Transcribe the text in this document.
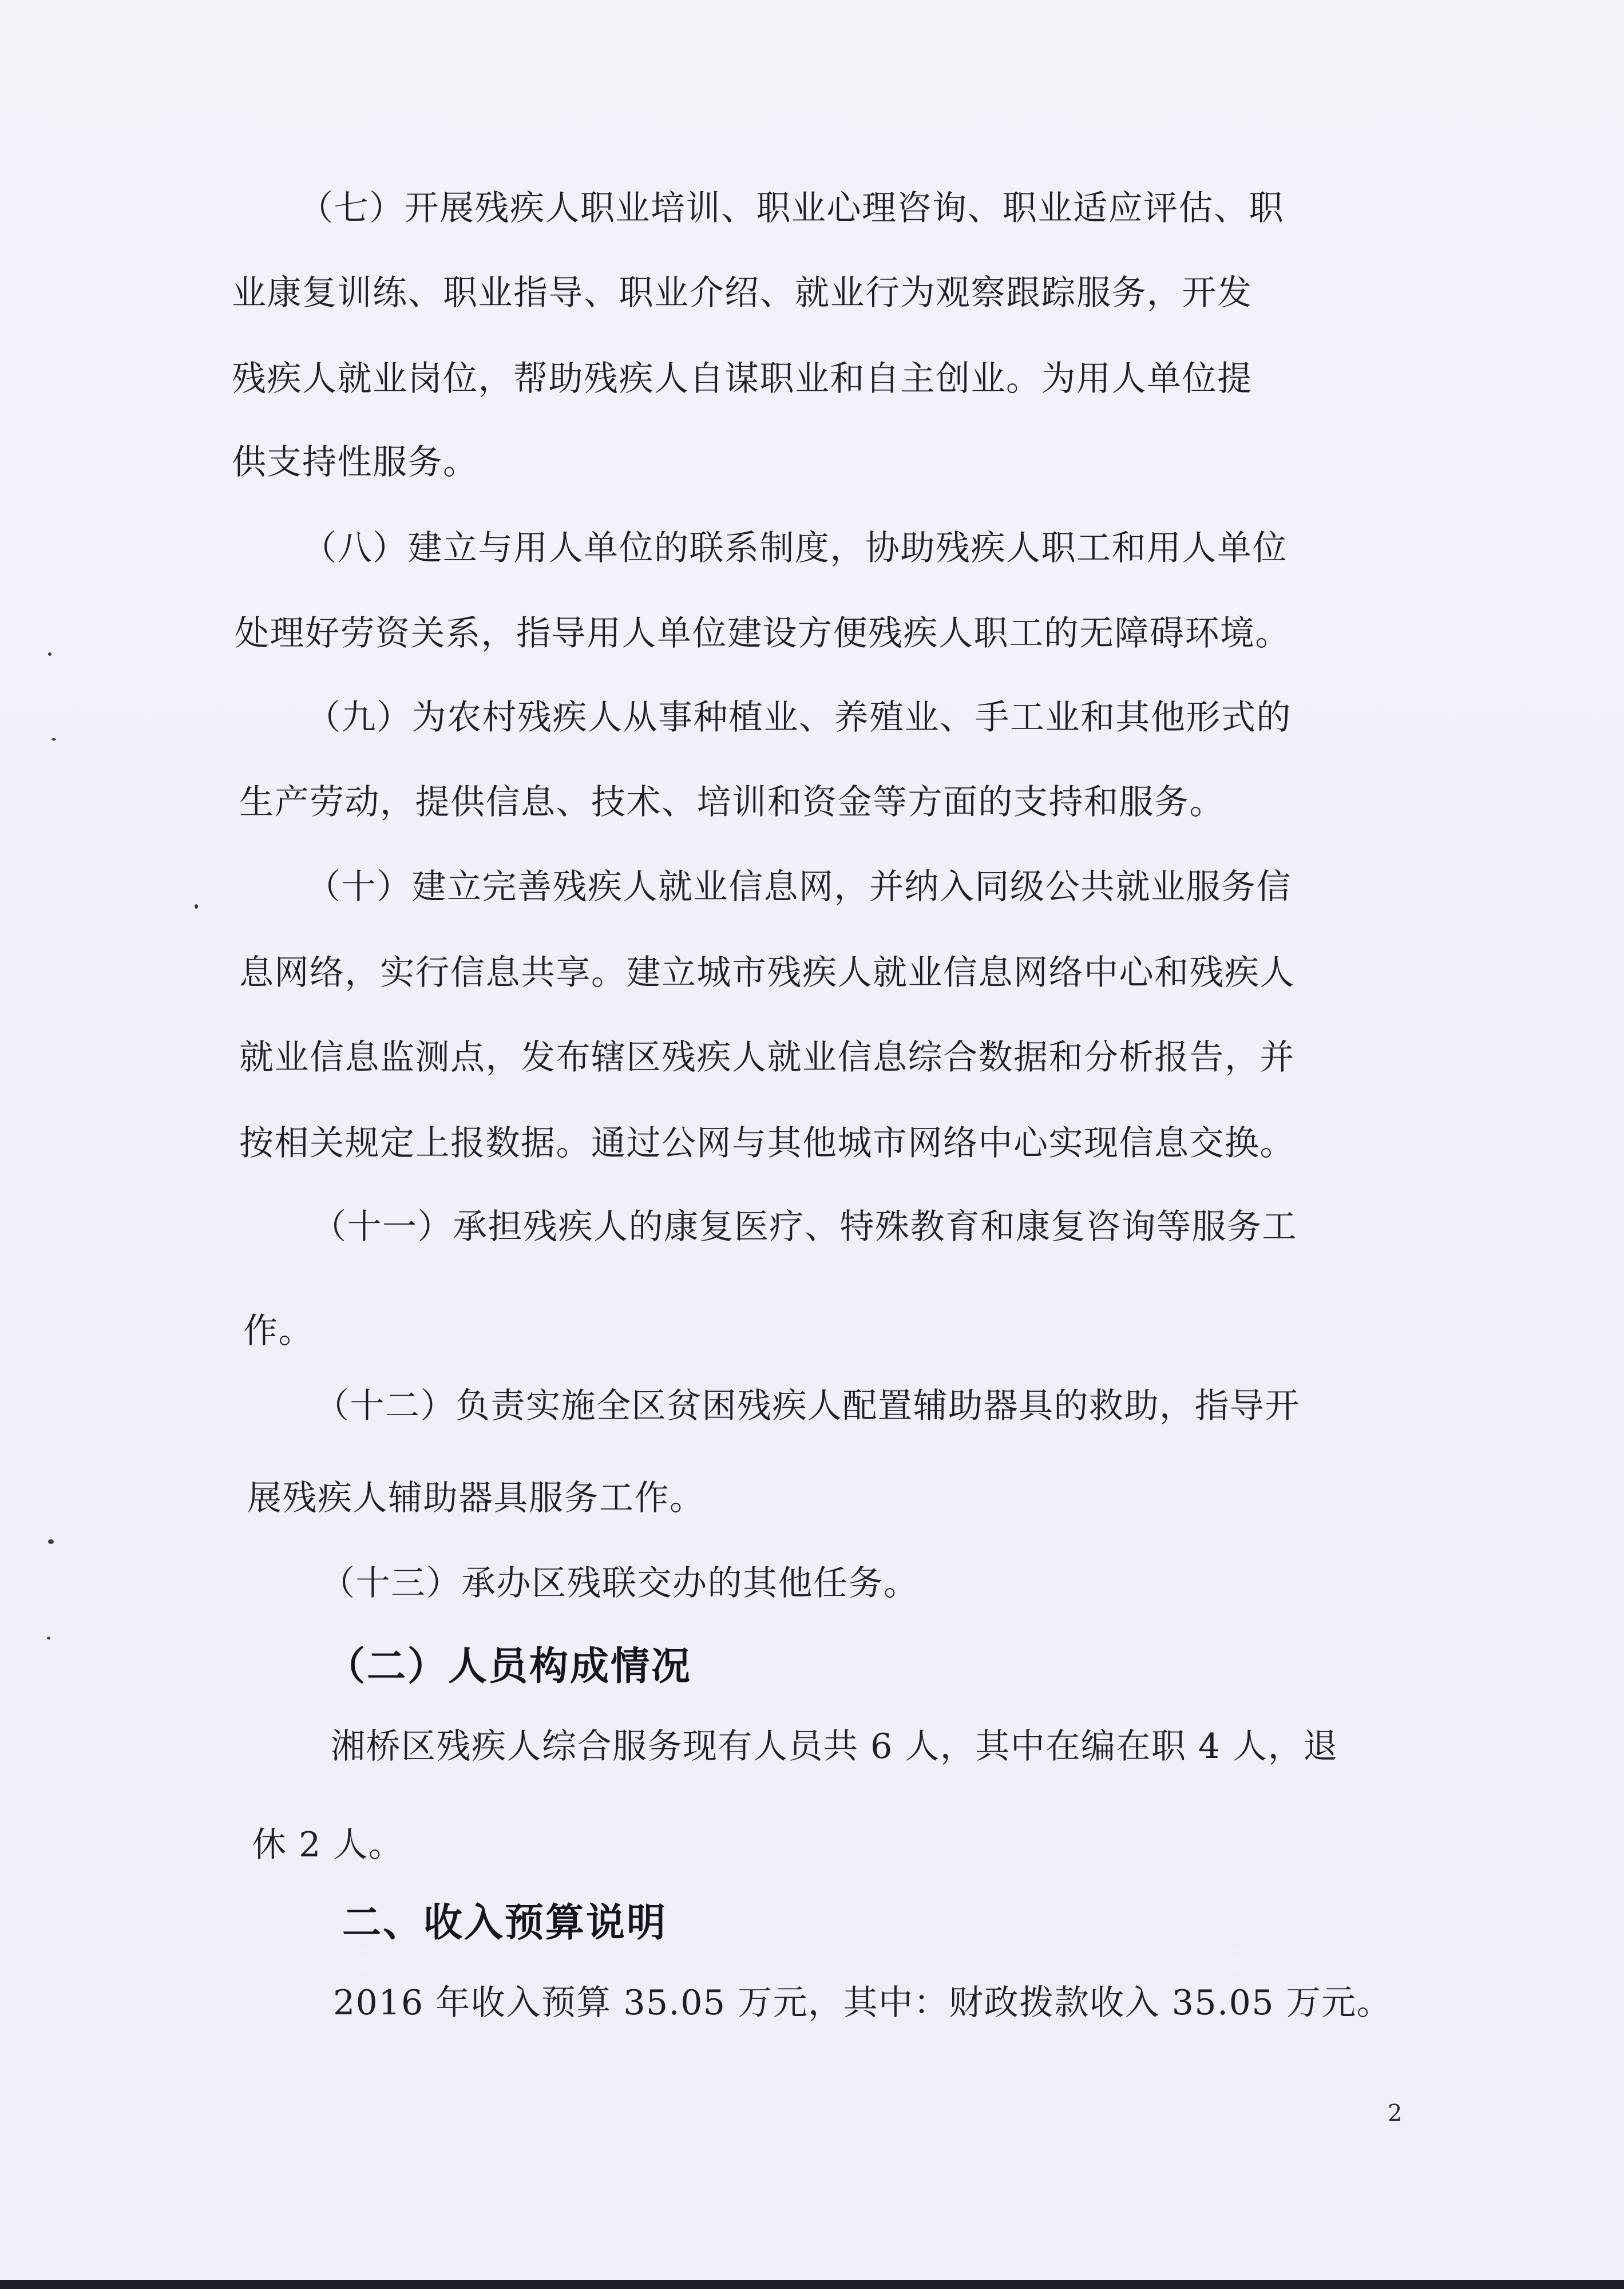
（七）开展残疾人职业培训、职业心理咨询、职业适应评估、职
业康复训练、职业指导、职业介绍、就业行为观察跟踪服务，开发
残疾人就业岗位，帮助残疾人自谋职业和自主创业。为用人单位提
供支持性服务。
（八）建立与用人单位的联系制度，协助残疾人职工和用人单位
处理好劳资关系，指导用人单位建设方便残疾人职工的无障碍环境。
（九）为农村残疾人从事种植业、养殖业、手工业和其他形式的
生产劳动，提供信息、技术、培训和资金等方面的支持和服务。
（十）建立完善残疾人就业信息网，并纳入同级公共就业服务信
息网络，实行信息共享。建立城市残疾人就业信息网络中心和残疾人
就业信息监测点，发布辖区残疾人就业信息综合数据和分析报告，并
按相关规定上报数据。通过公网与其他城市网络中心实现信息交换。
（十一）承担残疾人的康复医疗、特殊教育和康复咨询等服务工
作。
（十二）负责实施全区贫困残疾人配置辅助器具的救助，指导开
展残疾人辅助器具服务工作。
（十三）承办区残联交办的其他任务。
（二）人员构成情况
湘桥区残疾人综合服务现有人员共 6 人，其中在编在职 4 人，退
休 2 人。
二、收入预算说明
2016 年收入预算 35.05 万元，其中：财政拨款收入 35.05 万元。
2
